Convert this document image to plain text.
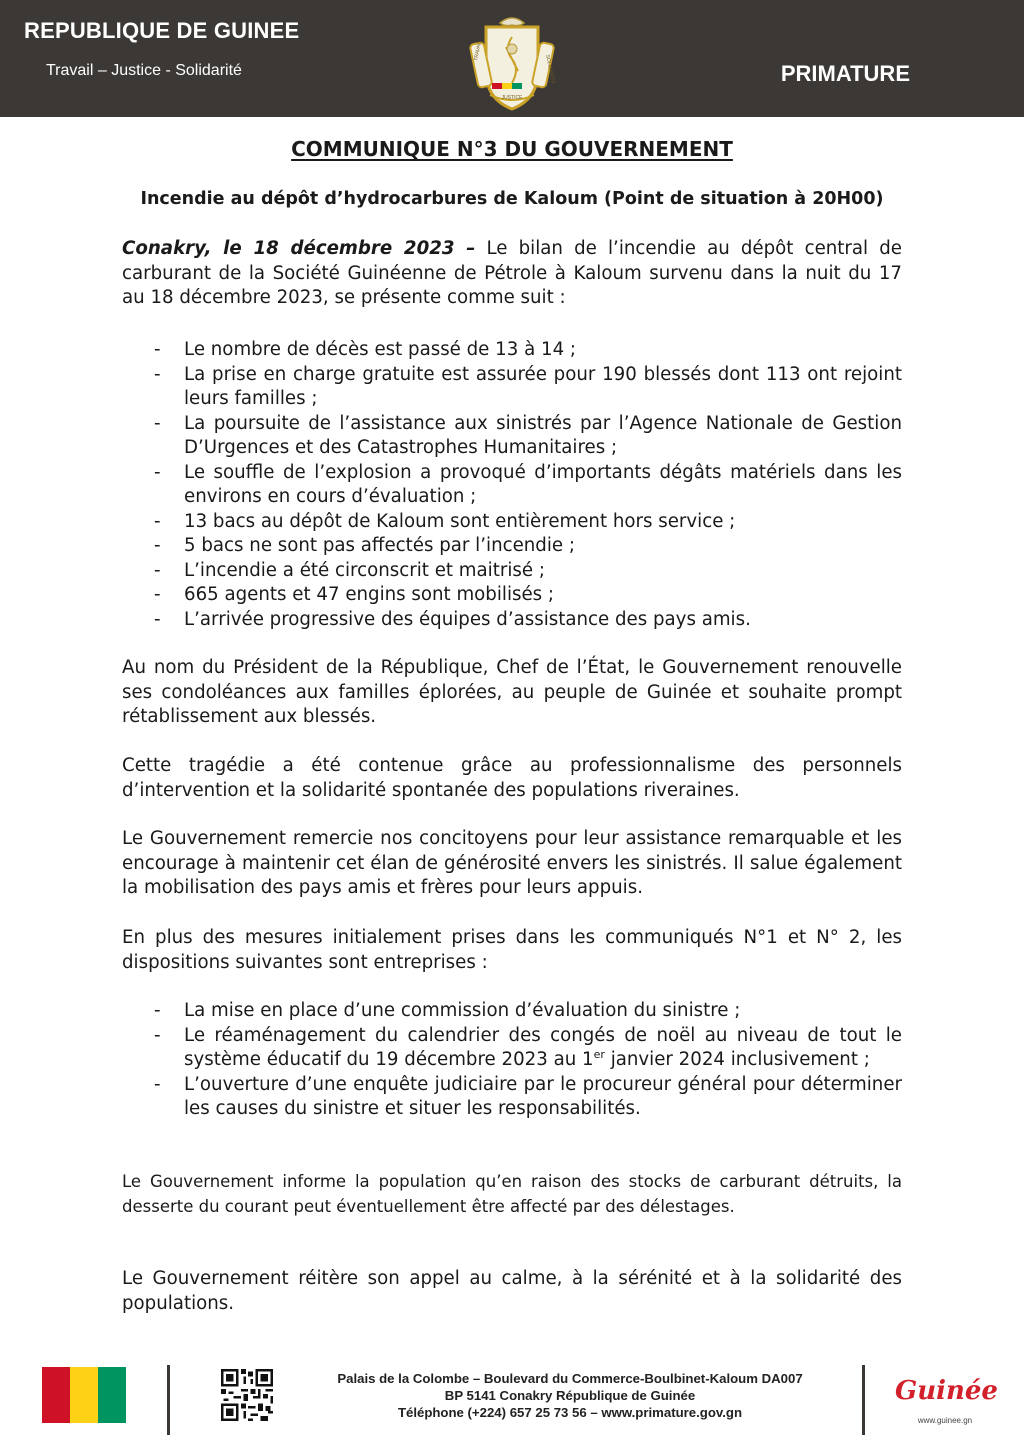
REPUBLIQUE DE GUINEE
Travail – Justice - Solidarité
TRAVAIL
JUSTICE
SOLIDARITE	PRIMATURE
COMMUNIQUE N°3 DU GOUVERNEMENT
Incendie au dépôt d’hydrocarbures de Kaloum (Point de situation à 20H00)

Conakry, le 18 décembre 2023 – Le bilan de l’incendie au dépôt central de carburant de la Société Guinéenne de Pétrole à Kaloum survenu dans la nuit du 17 au 18 décembre 2023, se présente comme suit :

- Le nombre de décès est passé de 13 à 14 ;
- La prise en charge gratuite est assurée pour 190 blessés dont 113 ont rejoint leurs familles ;
- La poursuite de l’assistance aux sinistrés par l’Agence Nationale de Gestion D’Urgences et des Catastrophes Humanitaires ;
- Le souffle de l’explosion a provoqué d’importants dégâts matériels dans les environs en cours d’évaluation ;
- 13 bacs au dépôt de Kaloum sont entièrement hors service ;
- 5 bacs ne sont pas affectés par l’incendie ;
- L’incendie a été circonscrit et maitrisé ;
- 665 agents et 47 engins sont mobilisés ;
- L’arrivée progressive des équipes d’assistance des pays amis.

Au nom du Président de la République, Chef de l’État, le Gouvernement renouvelle ses condoléances aux familles éplorées, au peuple de Guinée et souhaite prompt rétablissement aux blessés.

Cette tragédie a été contenue grâce au professionnalisme des personnels d’intervention et la solidarité spontanée des populations riveraines.

Le Gouvernement remercie nos concitoyens pour leur assistance remarquable et les encourage à maintenir cet élan de générosité envers les sinistrés. Il salue également la mobilisation des pays amis et frères pour leurs appuis.

En plus des mesures initialement prises dans les communiqués N°1 et N° 2, les dispositions suivantes sont entreprises :

- La mise en place d’une commission d’évaluation du sinistre ;
- Le réaménagement du calendrier des congés de noël au niveau de tout le système éducatif du 19 décembre 2023 au 1er janvier 2024 inclusivement ;
- L’ouverture d’une enquête judiciaire par le procureur général pour déterminer les causes du sinistre et situer les responsabilités.

Le Gouvernement informe la population qu’en raison des stocks de carburant détruits, la desserte du courant peut éventuellement être affecté par des délestages.

Le Gouvernement réitère son appel au calme, à la sérénité et à la solidarité des populations.

Palais de la Colombe – Boulevard du Commerce-Boulbinet-Kaloum DA007
BP 5141 Conakry République de Guinée
Téléphone (+224) 657 25 73 56 – www.primature.gov.gn
Guinée
www.guinee.gn
